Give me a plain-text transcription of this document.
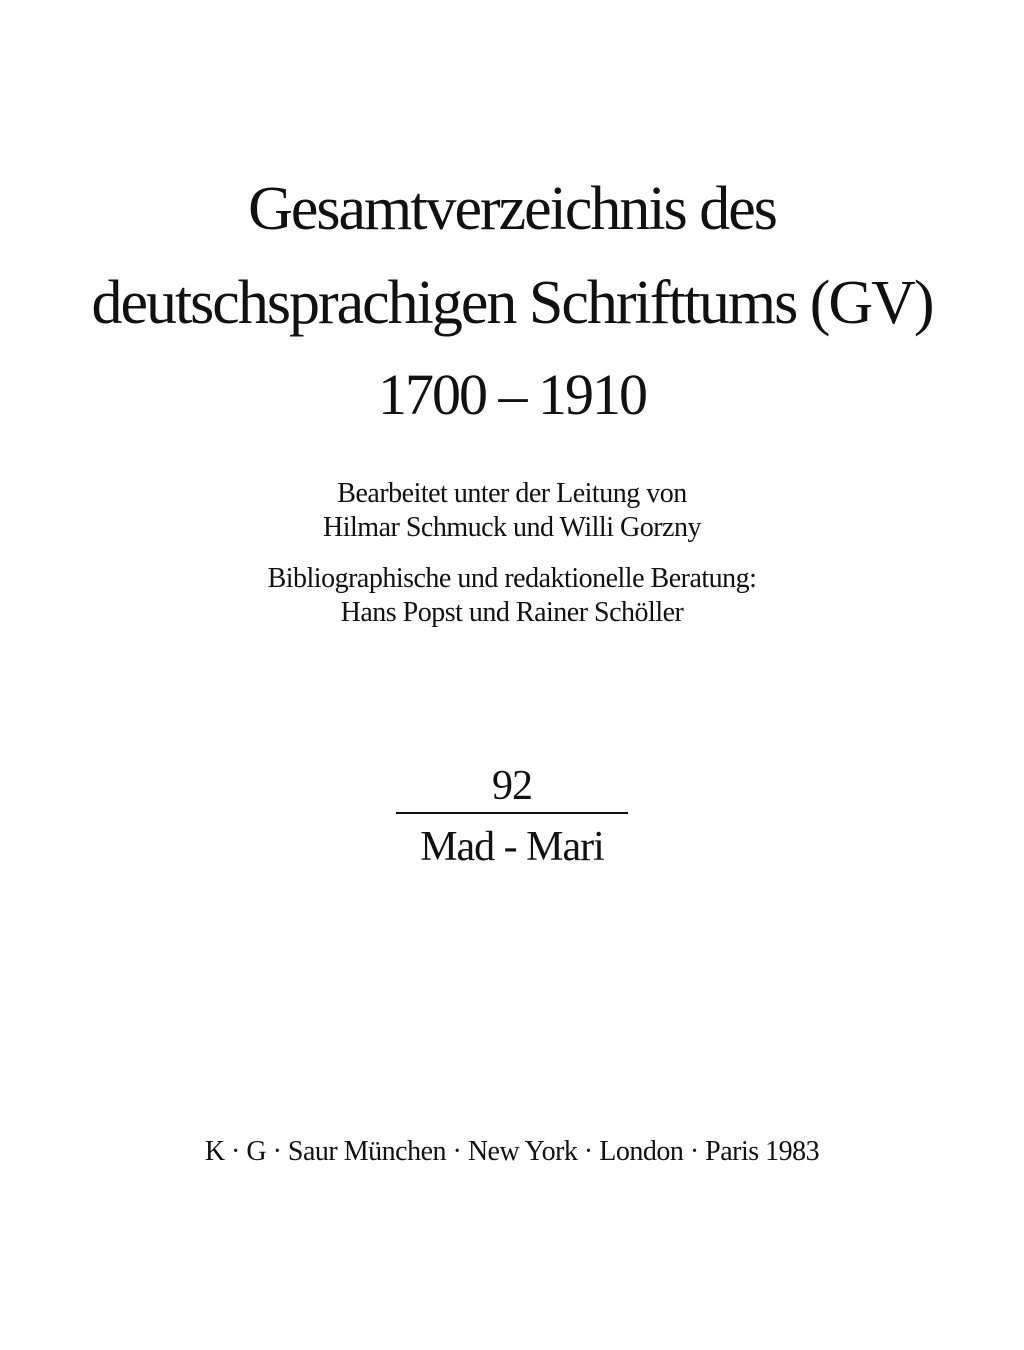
Gesamtverzeichnis des
deutschsprachigen Schrifttums (GV)
1700 – 1910
Bearbeitet unter der Leitung von
Hilmar Schmuck und Willi Gorzny
Bibliographische und redaktionelle Beratung:
Hans Popst und Rainer Schöller
92
Mad - Mari
K · G · Saur München · New York · London · Paris 1983
